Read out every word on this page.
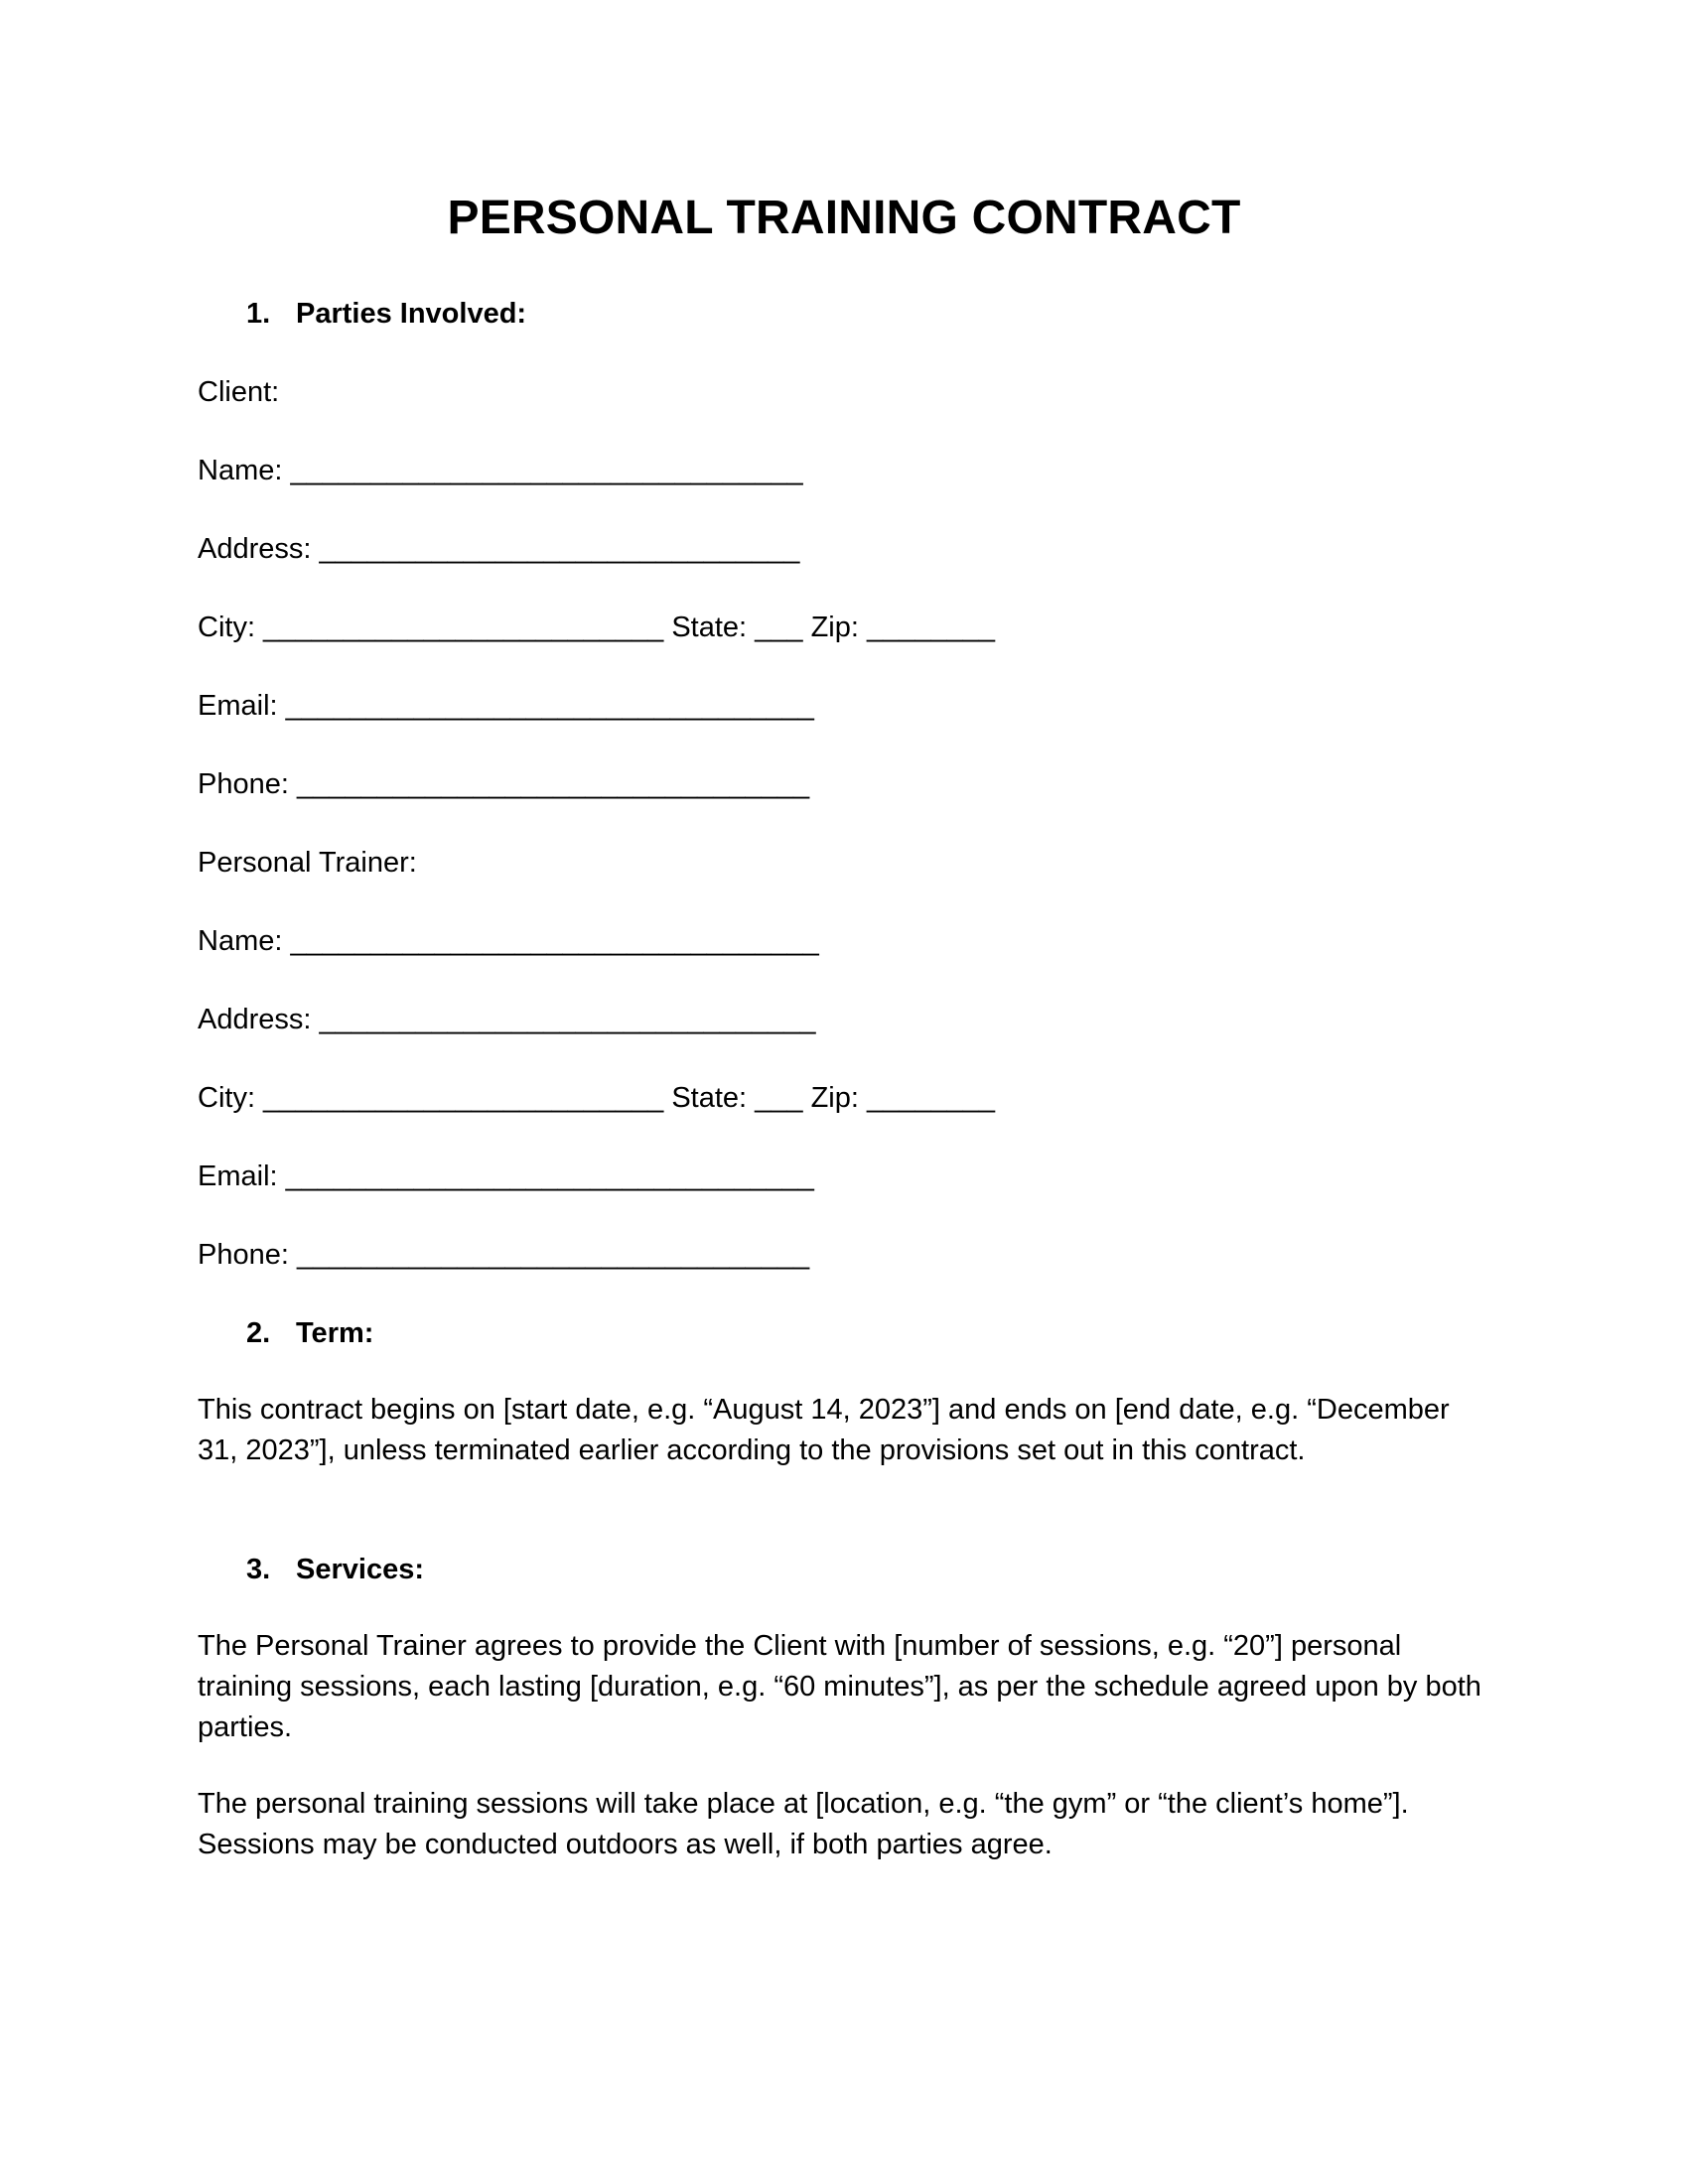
PERSONAL TRAINING CONTRACT
1. Parties Involved:
Client:
Name: ________________________________
Address: ______________________________
City: _________________________ State: ___ Zip: ________
Email: _________________________________
Phone: ________________________________
Personal Trainer:
Name: _________________________________
Address: _______________________________
City: _________________________ State: ___ Zip: ________
Email: _________________________________
Phone: ________________________________
2. Term:
This contract begins on [start date, e.g. “August 14, 2023”] and ends on [end date, e.g. “December 31, 2023”], unless terminated earlier according to the provisions set out in this contract.
3. Services:
The Personal Trainer agrees to provide the Client with [number of sessions, e.g. “20”] personal training sessions, each lasting [duration, e.g. “60 minutes”], as per the schedule agreed upon by both parties.
The personal training sessions will take place at [location, e.g. “the gym” or “the client’s home”]. Sessions may be conducted outdoors as well, if both parties agree.
